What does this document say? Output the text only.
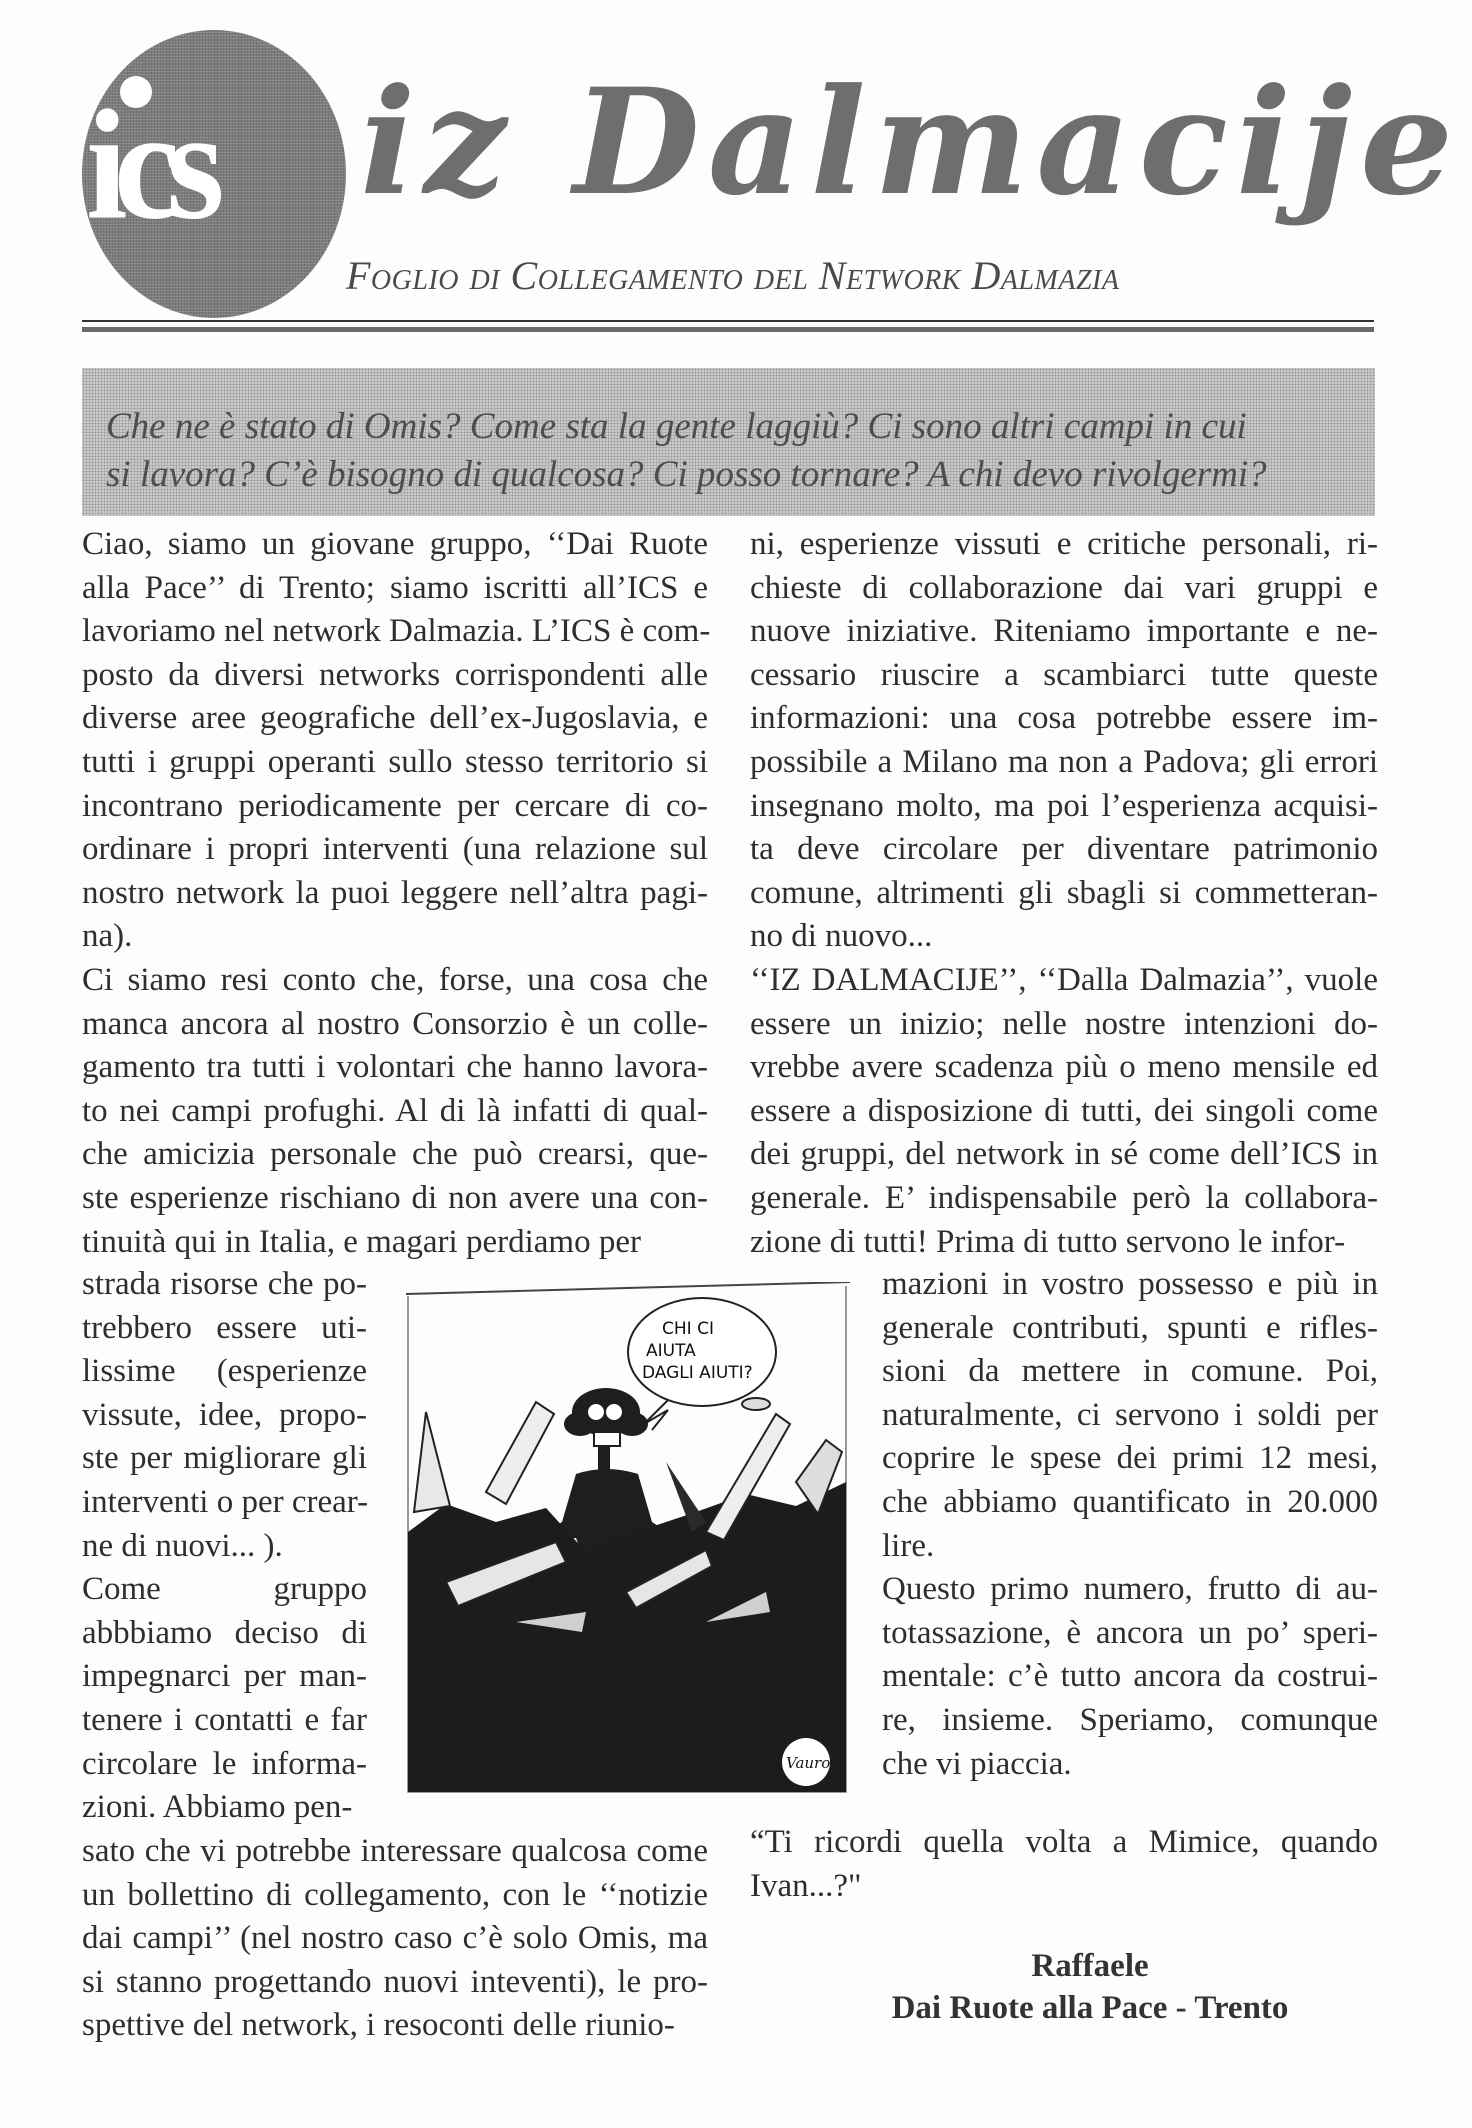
ics iz Dalmacije
Foglio di Collegamento del Network Dalmazia
Che ne è stato di Omis? Come sta la gente laggiù? Ci sono altri campi in cui
si lavora? C’è bisogno di qualcosa? Ci posso tornare? A chi devo rivolgermi?
Ciao, siamo un giovane gruppo, ‘‘Dai Ruote
alla Pace’’ di Trento; siamo iscritti all’ICS e
lavoriamo nel network Dalmazia. L’ICS è com-
posto da diversi networks corrispondenti alle
diverse aree geografiche dell’ex-Jugoslavia, e
tutti i gruppi operanti sullo stesso territorio si
incontrano periodicamente per cercare di co-
ordinare i propri interventi (una relazione sul
nostro network la puoi leggere nell’altra pagi-
na).
Ci siamo resi conto che, forse, una cosa che
manca ancora al nostro Consorzio è un colle-
gamento tra tutti i volontari che hanno lavora-
to nei campi profughi. Al di là infatti di qual-
che amicizia personale che può crearsi, que-
ste esperienze rischiano di non avere una con-
tinuità qui in Italia, e magari perdiamo per
strada risorse che po-
trebbero essere uti-
lissime (esperienze
vissute, idee, propo-
ste per migliorare gli
interventi o per crear-
ne di nuovi... ).
Come gruppo
abbbiamo deciso di
impegnarci per man-
tenere i contatti e far
circolare le informa-
zioni. Abbiamo pen-
sato che vi potrebbe interessare qualcosa come
un bollettino di collegamento, con le ‘‘notizie
dai campi’’ (nel nostro caso c’è solo Omis, ma
si stanno progettando nuovi inteventi), le pro-
spettive del network, i resoconti delle riunio-
ni, esperienze vissuti e critiche personali, ri-
chieste di collaborazione dai vari gruppi e
nuove iniziative. Riteniamo importante e ne-
cessario riuscire a scambiarci tutte queste
informazioni: una cosa potrebbe essere im-
possibile a Milano ma non a Padova; gli errori
insegnano molto, ma poi l’esperienza acquisi-
ta deve circolare per diventare patrimonio
comune, altrimenti gli sbagli si commetteran-
no di nuovo...
‘‘IZ DALMACIJE’’, ‘‘Dalla Dalmazia’’, vuole
essere un inizio; nelle nostre intenzioni do-
vrebbe avere scadenza più o meno mensile ed
essere a disposizione di tutti, dei singoli come
dei gruppi, del network in sé come dell’ICS in
generale. E’ indispensabile però la collabora-
zione di tutti! Prima di tutto servono le infor-
mazioni in vostro possesso e più in
generale contributi, spunti e rifles-
sioni da mettere in comune. Poi,
naturalmente, ci servono i soldi per
coprire le spese dei primi 12 mesi,
che abbiamo quantificato in 20.000
lire.
Questo primo numero, frutto di au-
totassazione, è ancora un po’ speri-
mentale: c’è tutto ancora da costrui-
re, insieme. Speriamo, comunque
che vi piaccia.
CHI CI
AIUTA
DAGLI AIUTI?
Vauro
“Ti ricordi quella volta a Mimice, quando
Ivan...?"
Raffaele
Dai Ruote alla Pace - Trento
